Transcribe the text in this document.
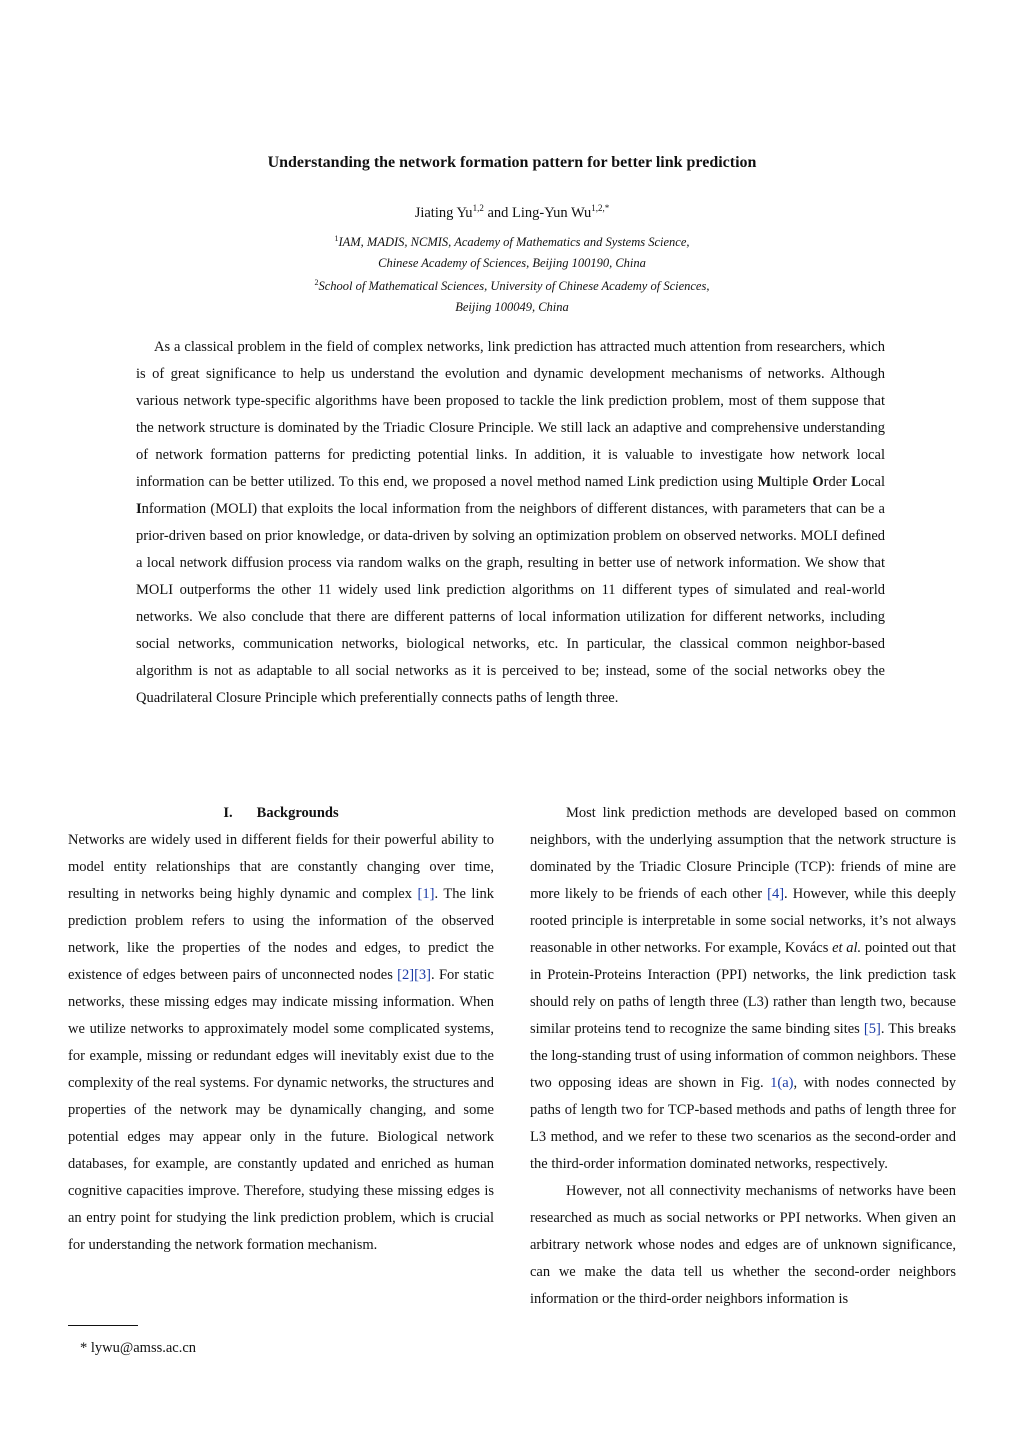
Understanding the network formation pattern for better link prediction
Jiating Yu$^{1,2}$ and Ling-Yun $Wu^{1,2,*}$
$^1$IAM, MADIS, NCMIS, Academy of Mathematics and Systems Science,
Chinese Academy of Sciences, Beijing 100190, China
$^2$School of Mathematical Sciences, University of Chinese Academy of Sciences,
Beijing 100049, China
As a classical problem in the field of complex networks, link prediction has attracted much attention from researchers, which is of great significance to help us understand the evolution and dynamic development mechanisms of networks. Although various network type-specific algorithms have been proposed to tackle the link prediction problem, most of them suppose that the network structure is dominated by the Triadic Closure Principle. We still lack an adaptive and comprehensive understanding of network formation patterns for predicting potential links. In addition, it is valuable to investigate how network local information can be better utilized. To this end, we proposed a novel method named Link prediction using Multiple Order Local Information (MOLI) that exploits the local information from the neighbors of different distances, with parameters that can be a prior-driven based on prior knowledge, or data-driven by solving an optimization problem on observed networks. MOLI defined a local network diffusion process via random walks on the graph, resulting in better use of network information. We show that MOLI outperforms the other 11 widely used link prediction algorithms on 11 different types of simulated and real-world networks. We also conclude that there are different patterns of local information utilization for different networks, including social networks, communication networks, biological networks, etc. In particular, the classical common neighbor-based algorithm is not as adaptable to all social networks as it is perceived to be; instead, some of the social networks obey the Quadrilateral Closure Principle which preferentially connects paths of length three.

I. Backgrounds

Networks are widely used in different fields for their powerful ability to model entity relationships that are constantly changing over time, resulting in networks being highly dynamic and complex [1]. The link prediction problem refers to using the information of the observed network, like the properties of the nodes and edges, to predict the existence of edges between pairs of unconnected nodes [2][3]. For static networks, these missing edges may indicate missing information. When we utilize networks to approximately model some complicated systems, for example, missing or redundant edges will inevitably exist due to the complexity of the real systems. For dynamic networks, the structures and properties of the network may be dynamically changing, and some potential edges may appear only in the future. Biological network databases, for example, are constantly updated and enriched as human cognitive capacities improve. Therefore, studying these missing edges is an entry point for studying the link prediction problem, which is crucial for understanding the network formation mechanism.

Most link prediction methods are developed based on common neighbors, with the underlying assumption that the network structure is dominated by the Triadic Closure Principle (TCP): friends of mine are more likely to be friends of each other [4]. However, while this deeply rooted principle is interpretable in some social networks, it’s not always reasonable in other networks. For example, Kovács et al. pointed out that in Protein-Proteins Interaction (PPI) networks, the link prediction task should rely on paths of length three (L3) rather than length two, because similar proteins tend to recognize the same binding sites [5]. This breaks the long-standing trust of using information of common neighbors. These two opposing ideas are shown in Fig. 1(a), with nodes connected by paths of length two for TCP-based methods and paths of length three for L3 method, and we refer to these two scenarios as the second-order and the third-order information dominated networks, respectively.

However, not all connectivity mechanisms of networks have been researched as much as social networks or PPI networks. When given an arbitrary network whose nodes and edges are of unknown significance, can we make the data tell us whether the second-order neighbors information or the third-order neighbors information is

* lywu@amss.ac.cn
